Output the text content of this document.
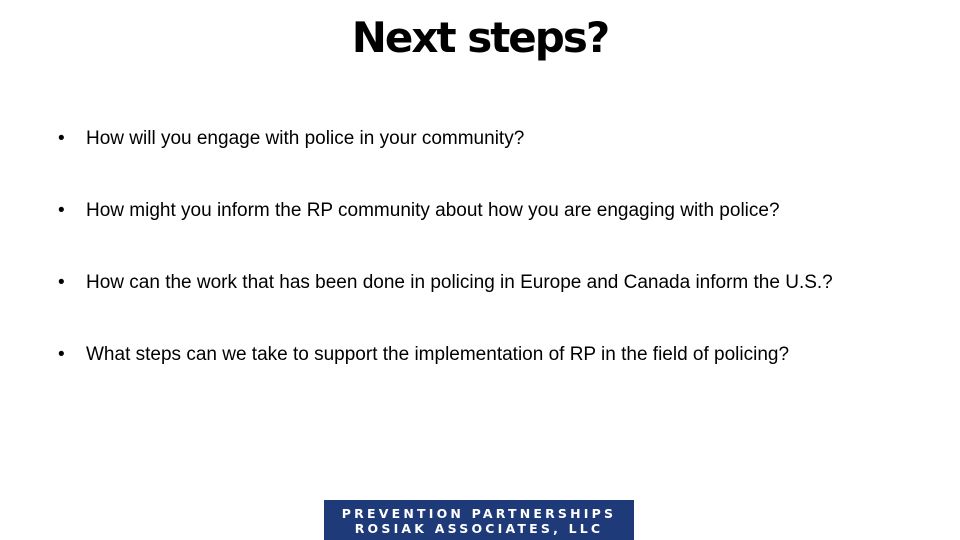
Next steps?
•	How will you engage with police in your community?
•	How might you inform the RP community about how you are engaging with police?
•	How can the work that has been done in policing in Europe and Canada inform the U.S.?
•	What steps can we take to support the implementation of RP in the field of policing?
PREVENTION PARTNERSHIPS
ROSIAK ASSOCIATES, LLC
